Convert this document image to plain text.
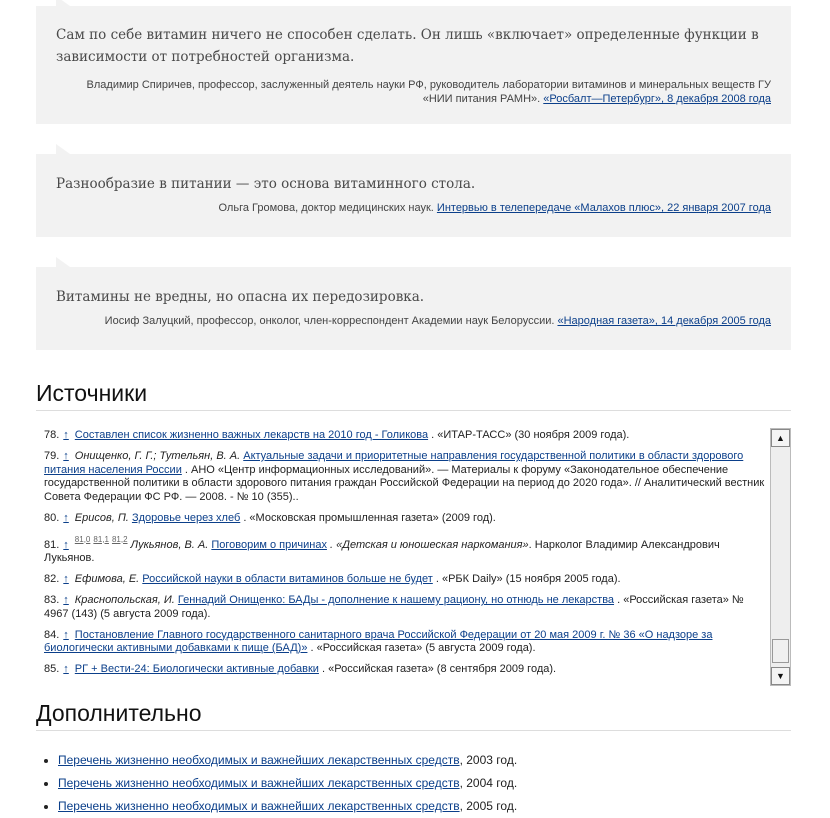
Сам по себе витамин ничего не способен сделать. Он лишь «включает» определенные функции в зависимости от потребностей организма.

Владимир Спиричев, профессор, заслуженный деятель науки РФ, руководитель лаборатории витаминов и минеральных веществ ГУ «НИИ питания РАМН». «Росбалт—Петербург», 8 декабря 2008 года

Разнообразие в питании — это основа витаминного стола.

Ольга Громова, доктор медицинских наук. Интервью в телепередаче «Малахов плюс», 22 января 2007 года

Витамины не вредны, но опасна их передозировка.

Иосиф Залуцкий, профессор, онколог, член-корреспондент Академии наук Белоруссии. «Народная газета», 14 декабря 2005 года

Источники
78. ↑ Составлен список жизненно важных лекарств на 2010 год - Голикова . «ИТАР-ТАСС» (30 ноября 2009 года).
79. ↑ Онищенко, Г. Г.; Тутельян, В. А. Актуальные задачи и приоритетные направления государственной политики в области здорового питания населения России . АНО «Центр информационных исследований». — Материалы к форуму «Законодательное обеспечение государственной политики в области здорового питания граждан Российской Федерации на период до 2020 года». // Аналитический вестник Совета Федерации ФС РФ. — 2008. - № 10 (355)..
80. ↑ Ерисов, П. Здоровье через хлеб . «Московская промышленная газета» (2009 год).
81. ↑ $^{81,0}$ $^{81,1}$ $^{81,2}$ Лукьянов, В. А. Поговорим о причинах . «Детская и юношеская наркомания». Нарколог Владимир Александрович Лукьянов.
82. ↑ Ефимова, Е. Российской науки в области витаминов больше не будет . «РБК Daily» (15 ноября 2005 года).
83. ↑ Краснопольская, И. Геннадий Онищенко: БАДы - дополнение к нашему рациону, но отнюдь не лекарства . «Российская газета» № 4967 (143) (5 августа 2009 года).
84. ↑ Постановление Главного государственного санитарного врача Российской Федерации от 20 мая 2009 г. № 36 «О надзоре за биологически активными добавками к пище (БАД)» . «Российская газета» (5 августа 2009 года).
85. ↑ РГ + Вести-24: Биологически активные добавки . «Российская газета» (8 сентября 2009 года).
▲
▼
Дополнительно
• Перечень жизненно необходимых и важнейших лекарственных средств, 2003 год.
• Перечень жизненно необходимых и важнейших лекарственных средств, 2004 год.
• Перечень жизненно необходимых и важнейших лекарственных средств, 2005 год.
